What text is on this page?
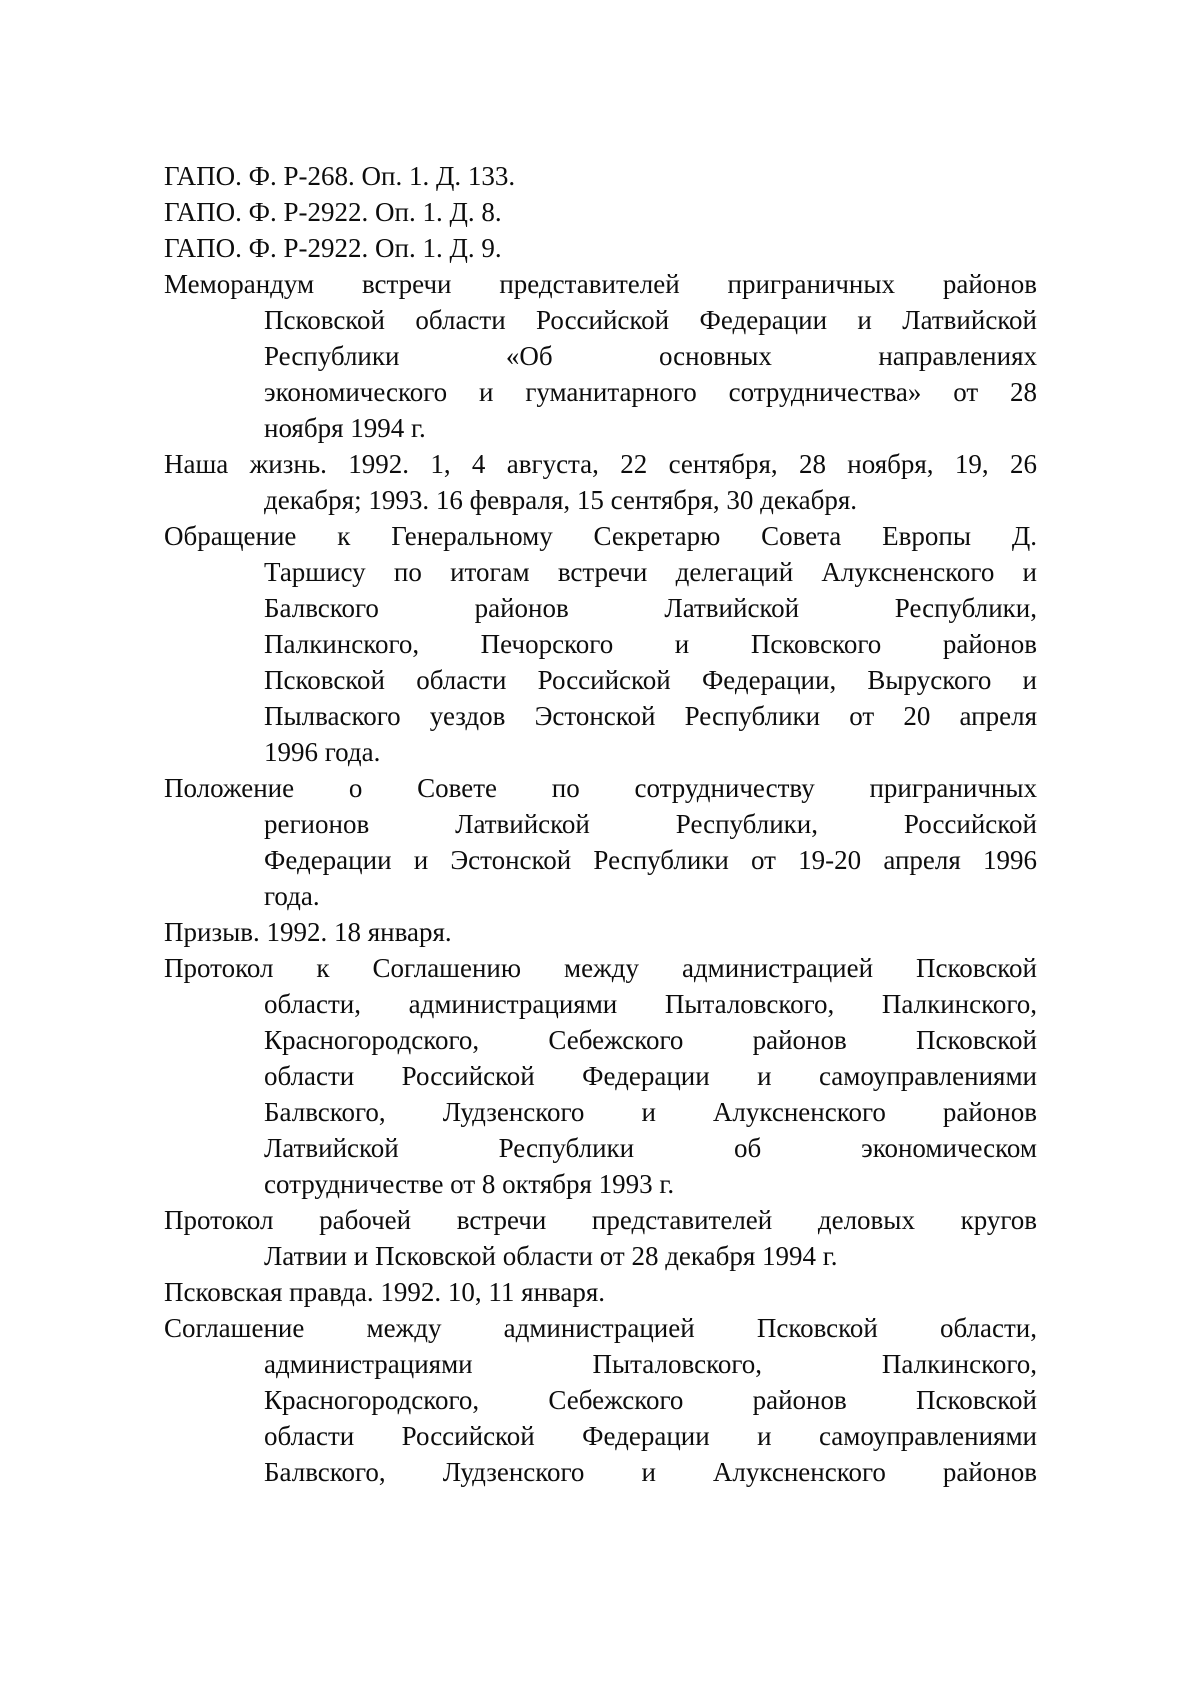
ГАПО. Ф. Р-268. Оп. 1. Д. 133.
ГАПО. Ф. Р-2922. Оп. 1. Д. 8.
ГАПО. Ф. Р-2922. Оп. 1. Д. 9.
Меморандум встречи представителей приграничных районов
Псковской области Российской Федерации и Латвийской
Республики «Об основных направлениях
экономического и гуманитарного сотрудничества» от 28
ноября 1994 г.
Наша жизнь. 1992. 1, 4 августа, 22 сентября, 28 ноября, 19, 26
декабря; 1993. 16 февраля, 15 сентября, 30 декабря.
Обращение к Генеральному Секретарю Совета Европы Д.
Таршису по итогам встречи делегаций Алуксненского и
Балвского районов Латвийской Республики,
Палкинского, Печорского и Псковского районов
Псковской области Российской Федерации, Выруского и
Пылваского уездов Эстонской Республики от 20 апреля
1996 года.
Положение о Совете по сотрудничеству приграничных
регионов Латвийской Республики, Российской
Федерации и Эстонской Республики от 19-20 апреля 1996
года.
Призыв. 1992. 18 января.
Протокол к Соглашению между администрацией Псковской
области, администрациями Пыталовского, Палкинского,
Красногородского, Себежского районов Псковской
области Российской Федерации и самоуправлениями
Балвского, Лудзенского и Алуксненского районов
Латвийской Республики об экономическом
сотрудничестве от 8 октября 1993 г.
Протокол рабочей встречи представителей деловых кругов
Латвии и Псковской области от 28 декабря 1994 г.
Псковская правда. 1992. 10, 11 января.
Соглашение между администрацией Псковской области,
администрациями Пыталовского, Палкинского,
Красногородского, Себежского районов Псковской
области Российской Федерации и самоуправлениями
Балвского, Лудзенского и Алуксненского районов
